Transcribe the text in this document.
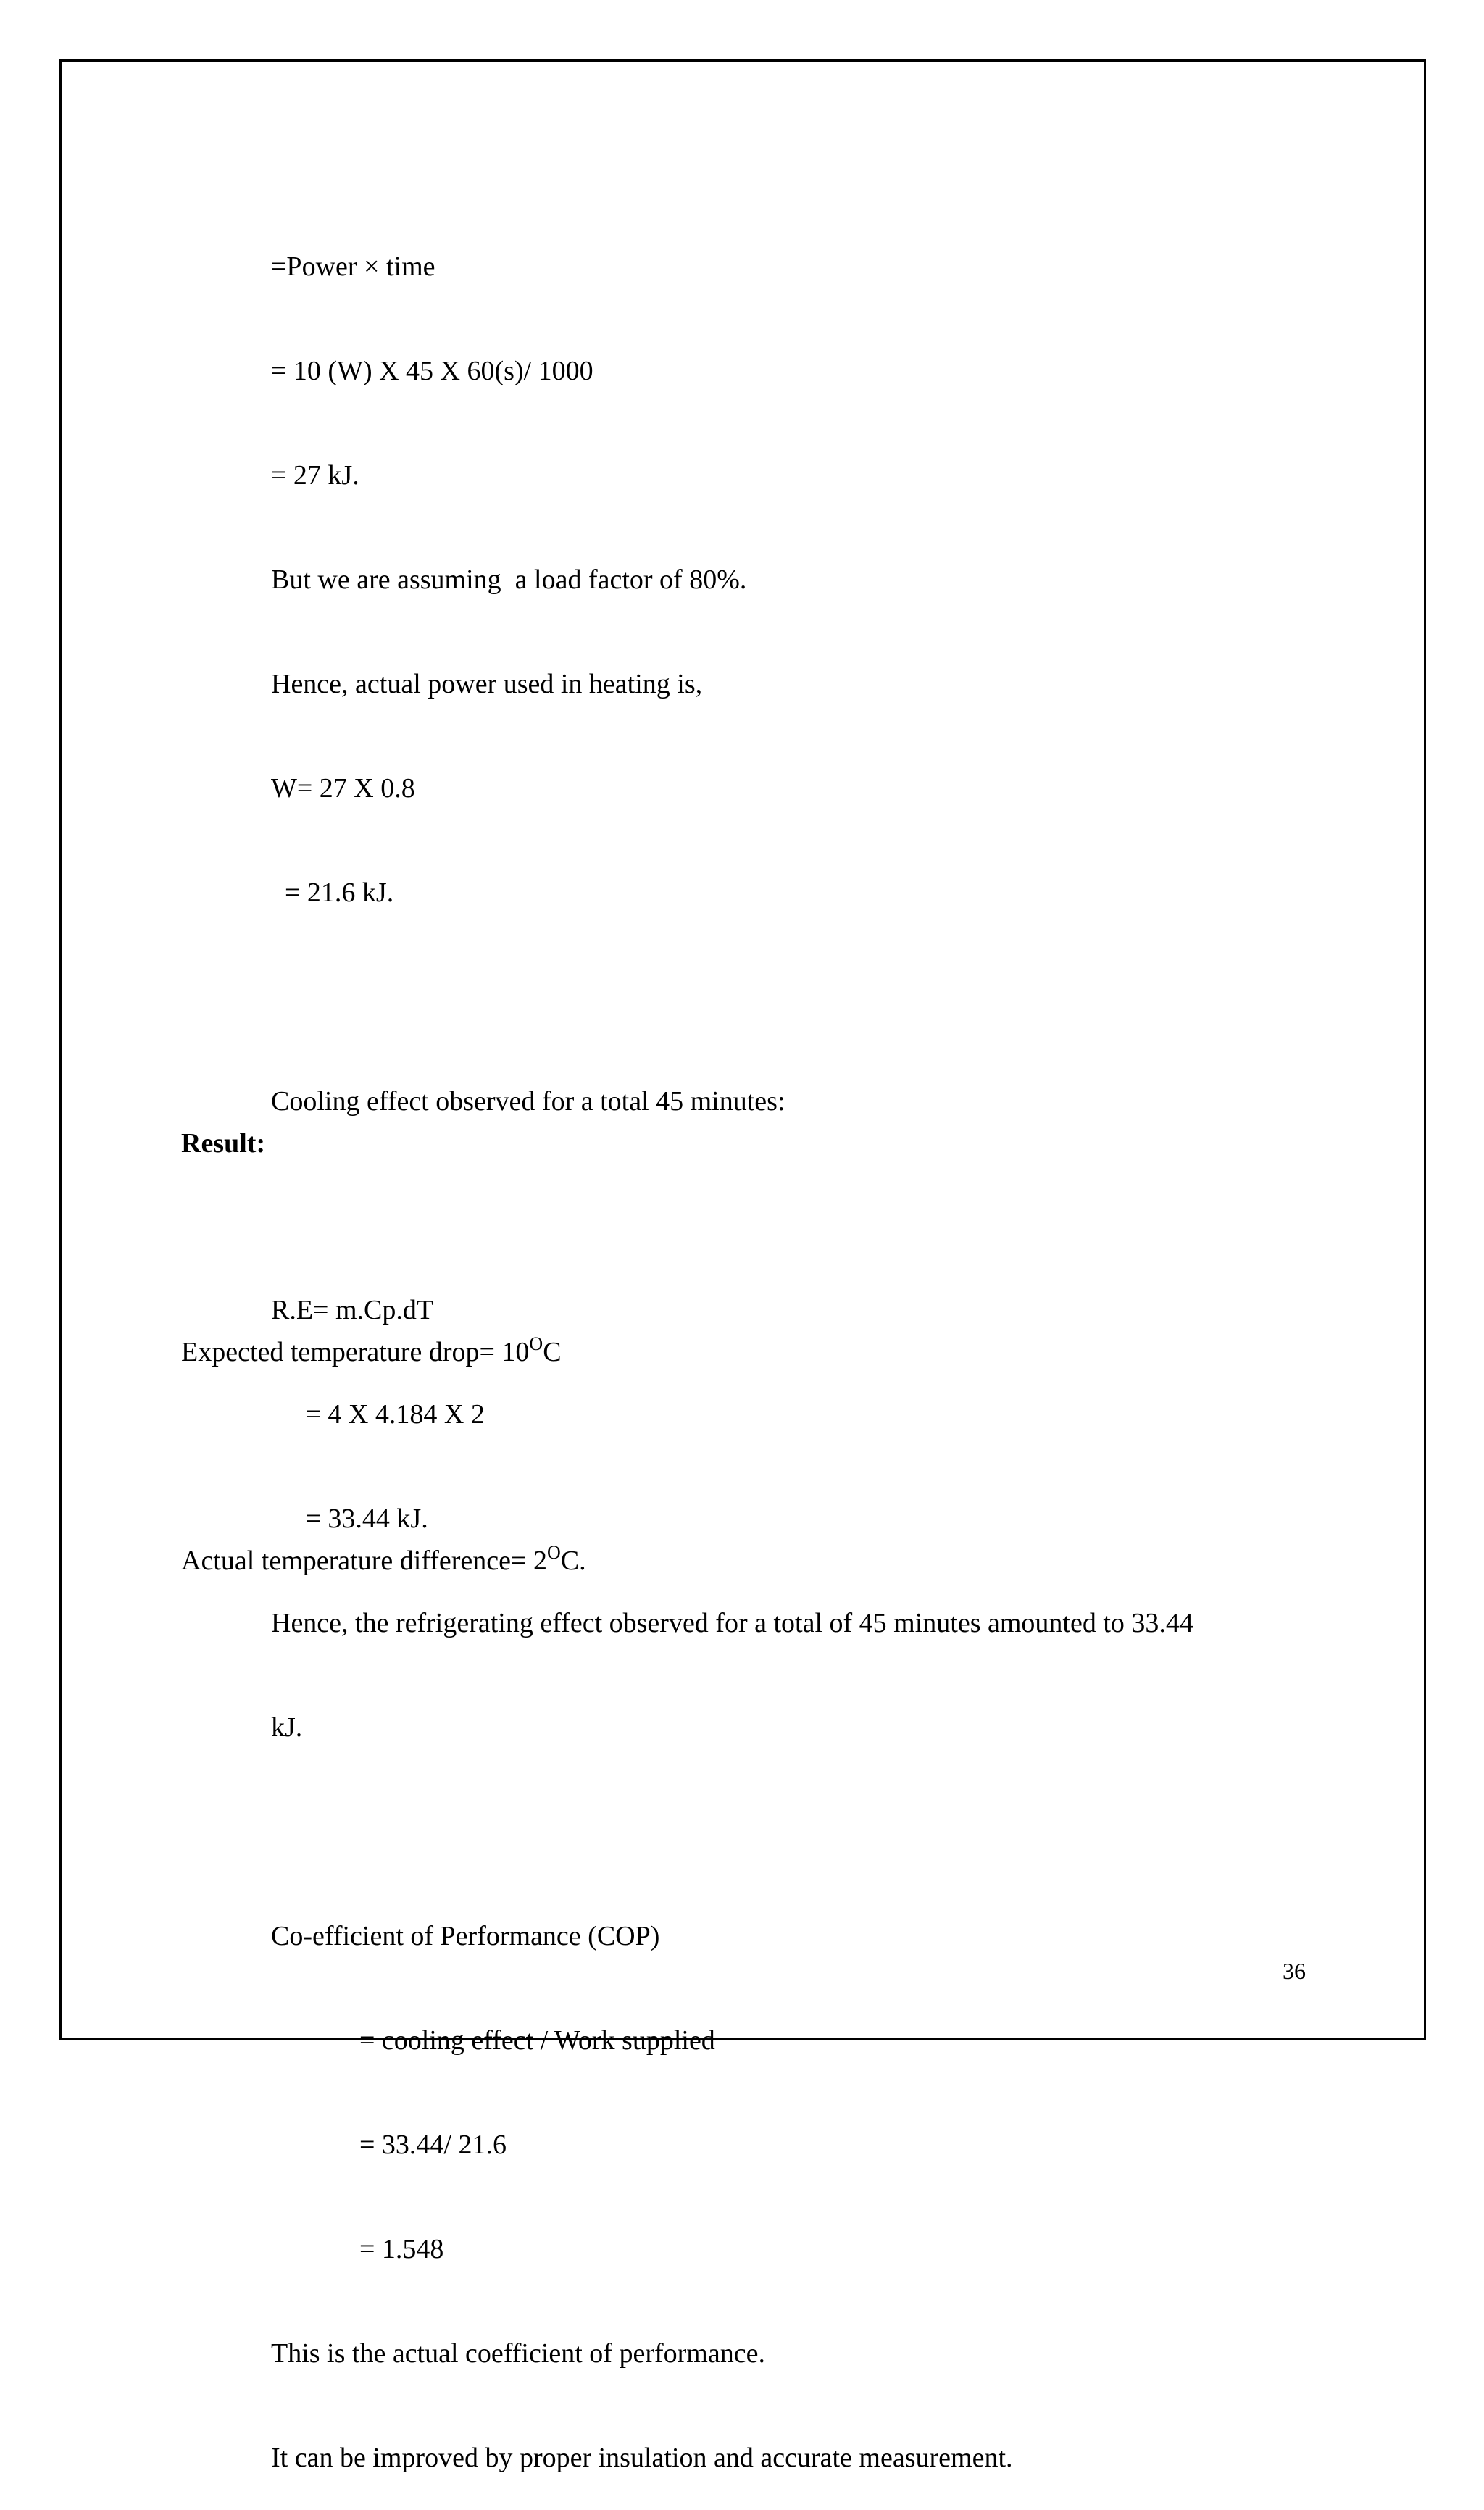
=Power × time

= 10 (W) X 45 X 60(s)/ 1000

= 27 kJ.

But we are assuming  a load factor of 80%.

Hence, actual power used in heating is,

W= 27 X 0.8

= 21.6 kJ.

Cooling effect observed for a total 45 minutes:

R.E= m.Cp.dT

= 4 X 4.184 X 2

= 33.44 kJ.

Hence, the refrigerating effect observed for a total of 45 minutes amounted to 33.44

kJ.

Co-efficient of Performance (COP)

= cooling effect / Work supplied

= 33.44/ 21.6

= 1.548

This is the actual coefficient of performance.

It can be improved by proper insulation and accurate measurement.

Result:

Expected temperature drop= $10^OC$

Actual temperature difference= $2^OC$.

36
